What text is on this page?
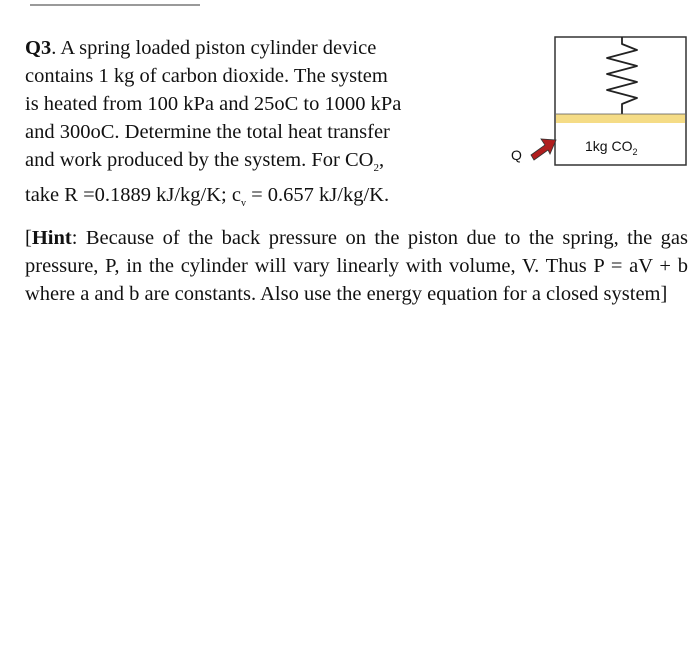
Q3. A spring loaded piston cylinder device
contains 1 kg of carbon dioxide. The system
is heated from 100 kPa and 25oC to 1000 kPa
and 300oC. Determine the total heat transfer
and work produced by the system. For $CO_2$,
take R =0.1889 kJ/kg/K; $c_v = 0.657$ kJ/kg/K.
[Hint: Because of the back pressure on the piston due to the spring, the gas pressure, P, in the cylinder will vary linearly with volume, V. Thus P = aV + b where a and b are constants. Also use the energy equation for a closed system]
1kg $CO_2$
Q
